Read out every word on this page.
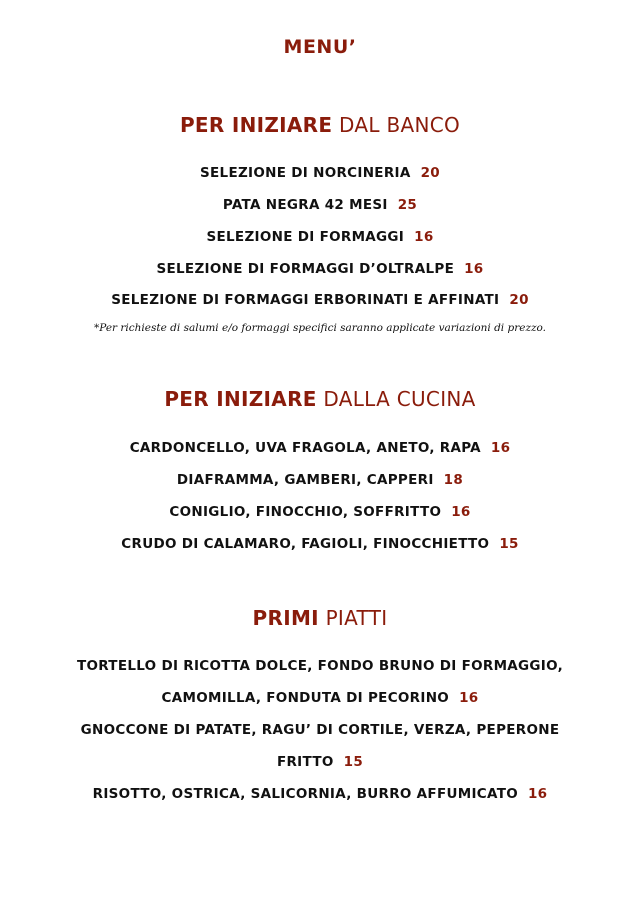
MENU’
PER INIZIARE DAL BANCO
SELEZIONE DI NORCINERIA 20
PATA NEGRA 42 MESI 25
SELEZIONE DI FORMAGGI 16
SELEZIONE DI FORMAGGI D’OLTRALPE 16
SELEZIONE DI FORMAGGI ERBORINATI E AFFINATI 20
*Per richieste di salumi e/o formaggi specifici saranno applicate variazioni di prezzo.
PER INIZIARE DALLA CUCINA
CARDONCELLO, UVA FRAGOLA, ANETO, RAPA 16
DIAFRAMMA, GAMBERI, CAPPERI 18
CONIGLIO, FINOCCHIO, SOFFRITTO 16
CRUDO DI CALAMARO, FAGIOLI, FINOCCHIETTO 15
PRIMI PIATTI
TORTELLO DI RICOTTA DOLCE, FONDO BRUNO DI FORMAGGIO,
CAMOMILLA, FONDUTA DI PECORINO 16
GNOCCONE DI PATATE, RAGU’ DI CORTILE, VERZA, PEPERONE
FRITTO 15
RISOTTO, OSTRICA, SALICORNIA, BURRO AFFUMICATO 16
